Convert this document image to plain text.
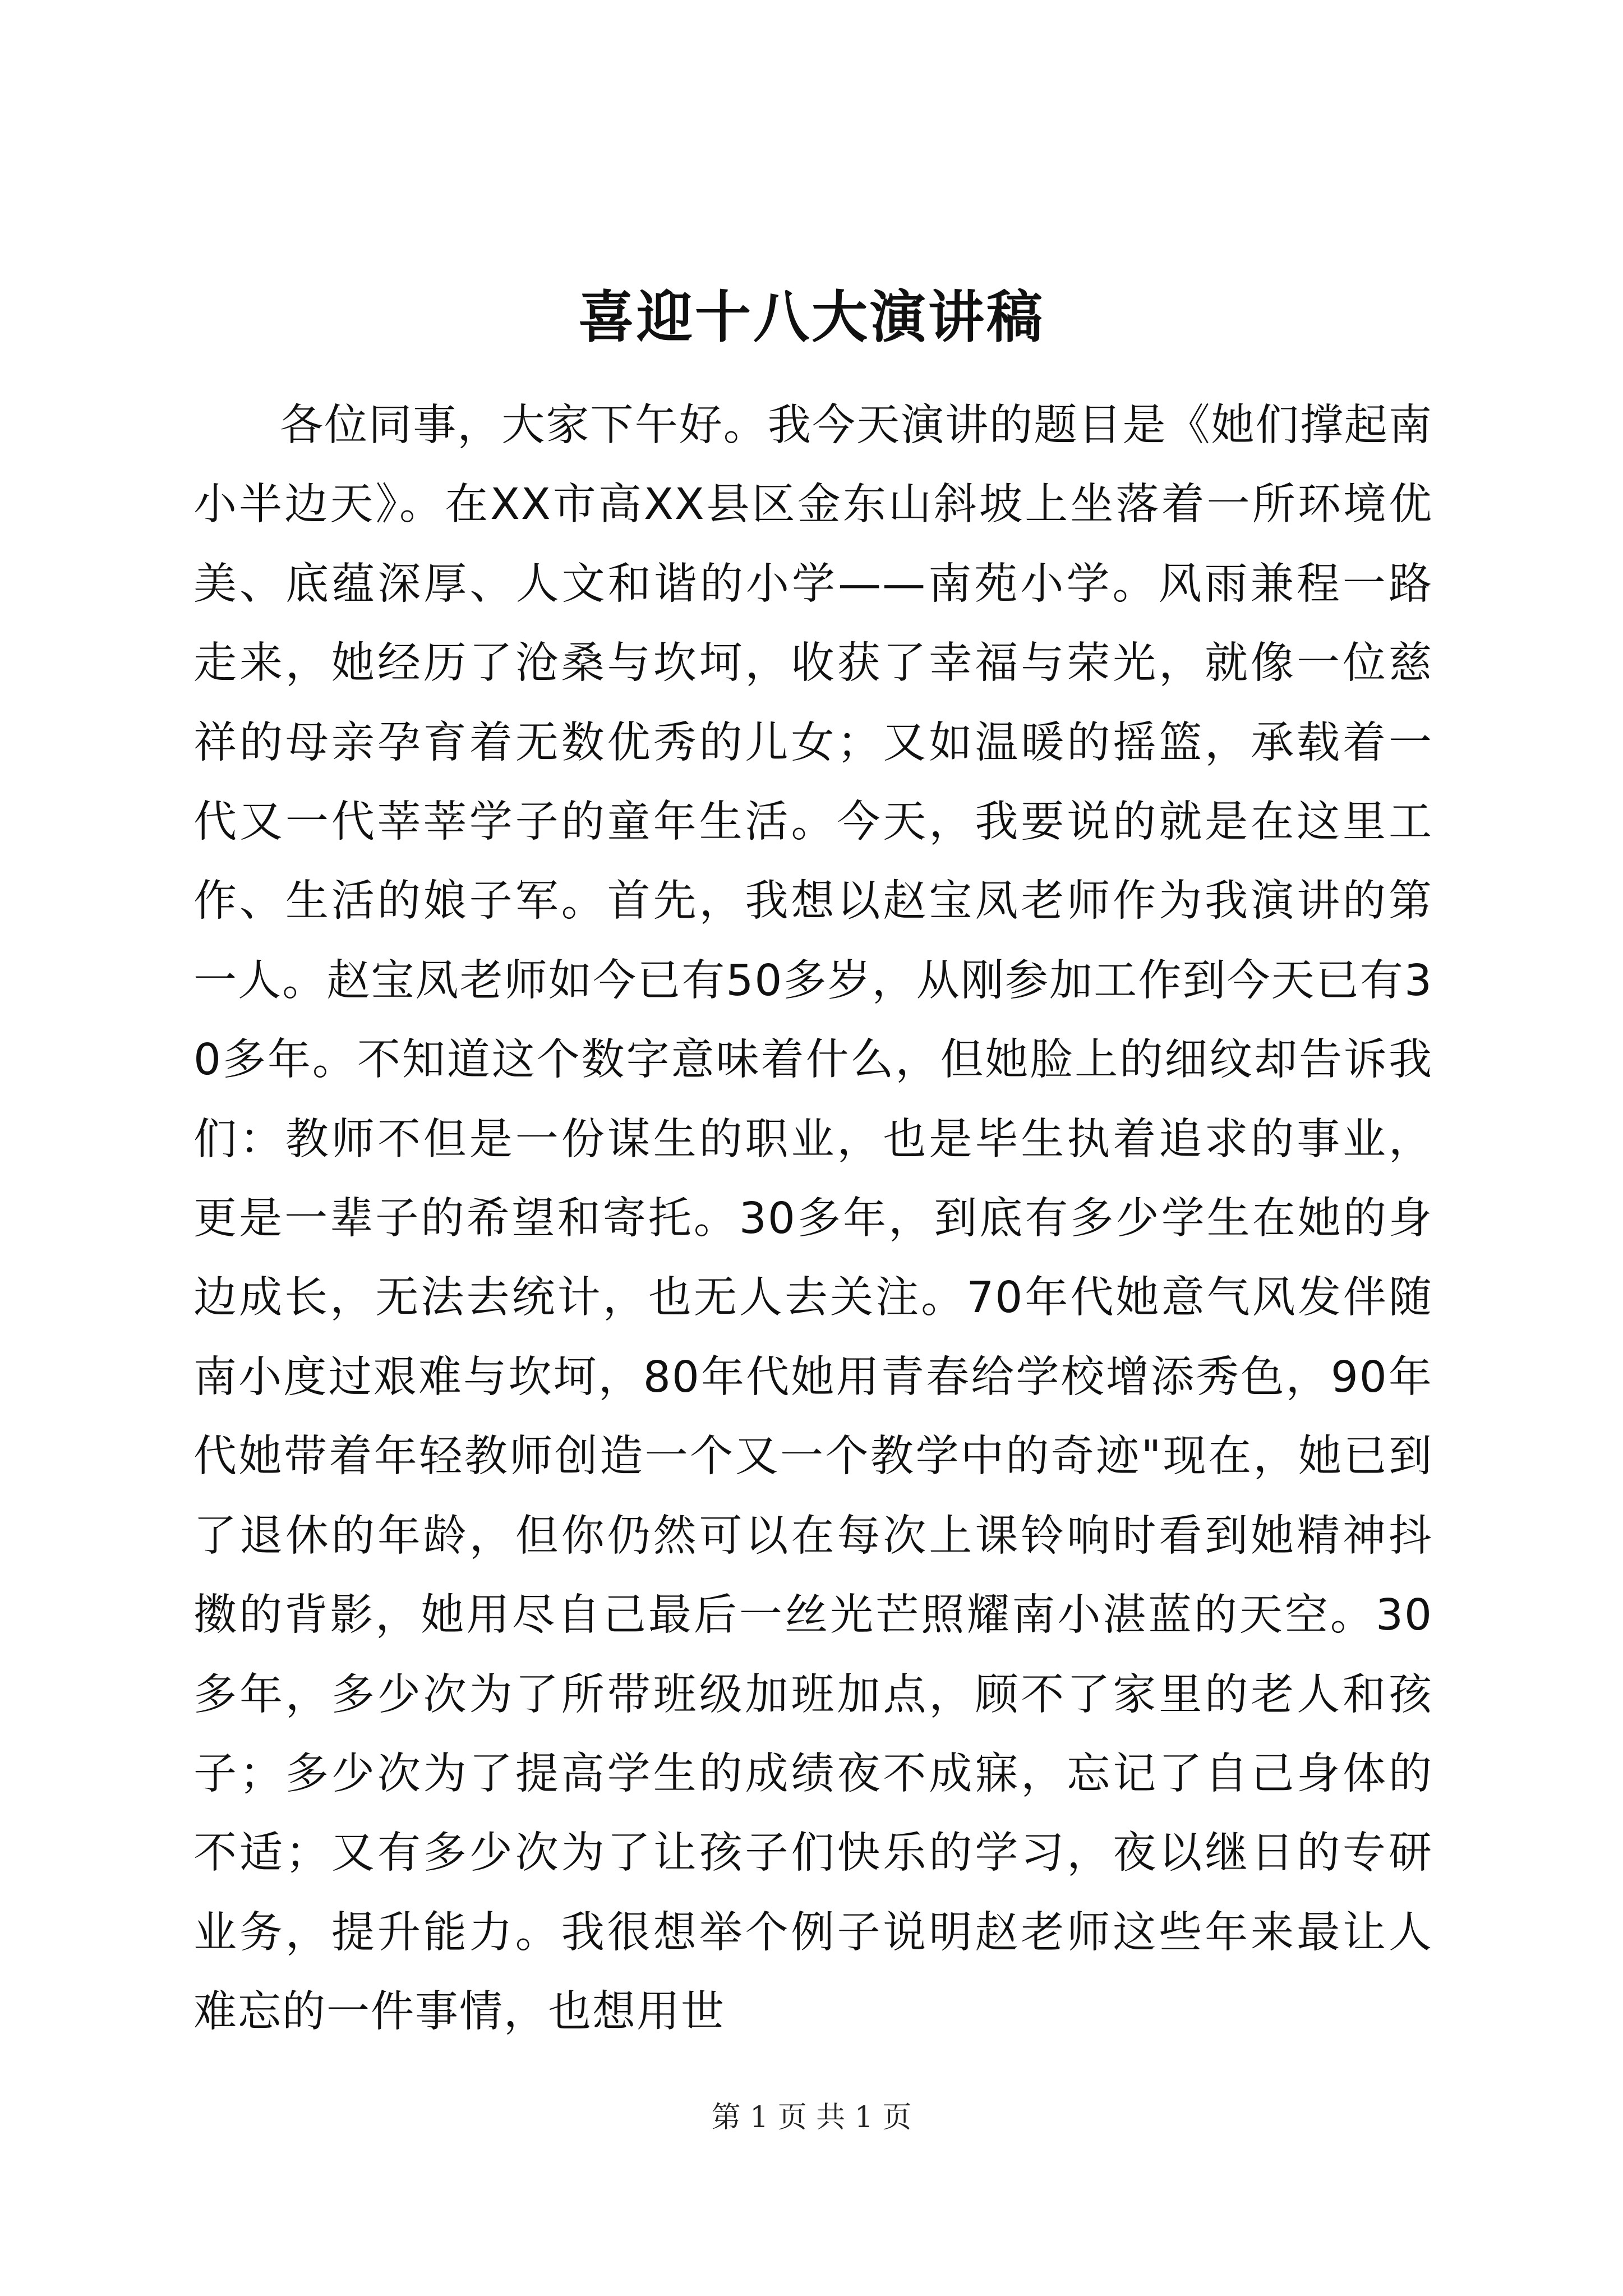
喜迎十八大演讲稿

各位同事，大家下午好。我今天演讲的题目是《她们撑起南小半边天》。在XX市高XX县区金东山斜坡上坐落着一所环境优美、底蕴深厚、人文和谐的小学——南苑小学。风雨兼程一路走来，她经历了沧桑与坎坷，收获了幸福与荣光，就像一位慈祥的母亲孕育着无数优秀的儿女；又如温暖的摇篮，承载着一代又一代莘莘学子的童年生活。今天，我要说的就是在这里工作、生活的娘子军。首先，我想以赵宝凤老师作为我演讲的第一人。赵宝凤老师如今已有50多岁，从刚参加工作到今天已有30多年。不知道这个数字意味着什么，但她脸上的细纹却告诉我们：教师不但是一份谋生的职业，也是毕生执着追求的事业，更是一辈子的希望和寄托。30多年，到底有多少学生在她的身边成长，无法去统计，也无人去关注。70年代她意气风发伴随南小度过艰难与坎坷，80年代她用青春给学校增添秀色，90年代她带着年轻教师创造一个又一个教学中的奇迹"现在，她已到了退休的年龄，但你仍然可以在每次上课铃响时看到她精神抖擞的背影，她用尽自己最后一丝光芒照耀南小湛蓝的天空。30多年，多少次为了所带班级加班加点，顾不了家里的老人和孩子；多少次为了提高学生的成绩夜不成寐，忘记了自己身体的不适；又有多少次为了让孩子们快乐的学习，夜以继日的专研业务，提升能力。我很想举个例子说明赵老师这些年来最让人难忘的一件事情，也想用世

第 1 页 共 1 页
